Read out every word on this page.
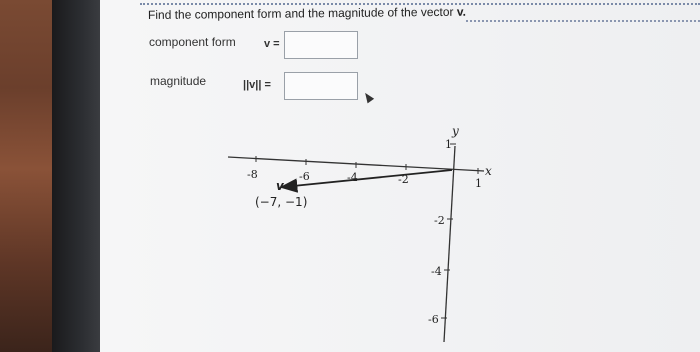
Find the component form and the magnitude of the vector v.
component form	v =
magnitude	||v|| =
-8	-6	-4	-2	1
1
-2
-4
-6
x
y
v
(−7, −1)
